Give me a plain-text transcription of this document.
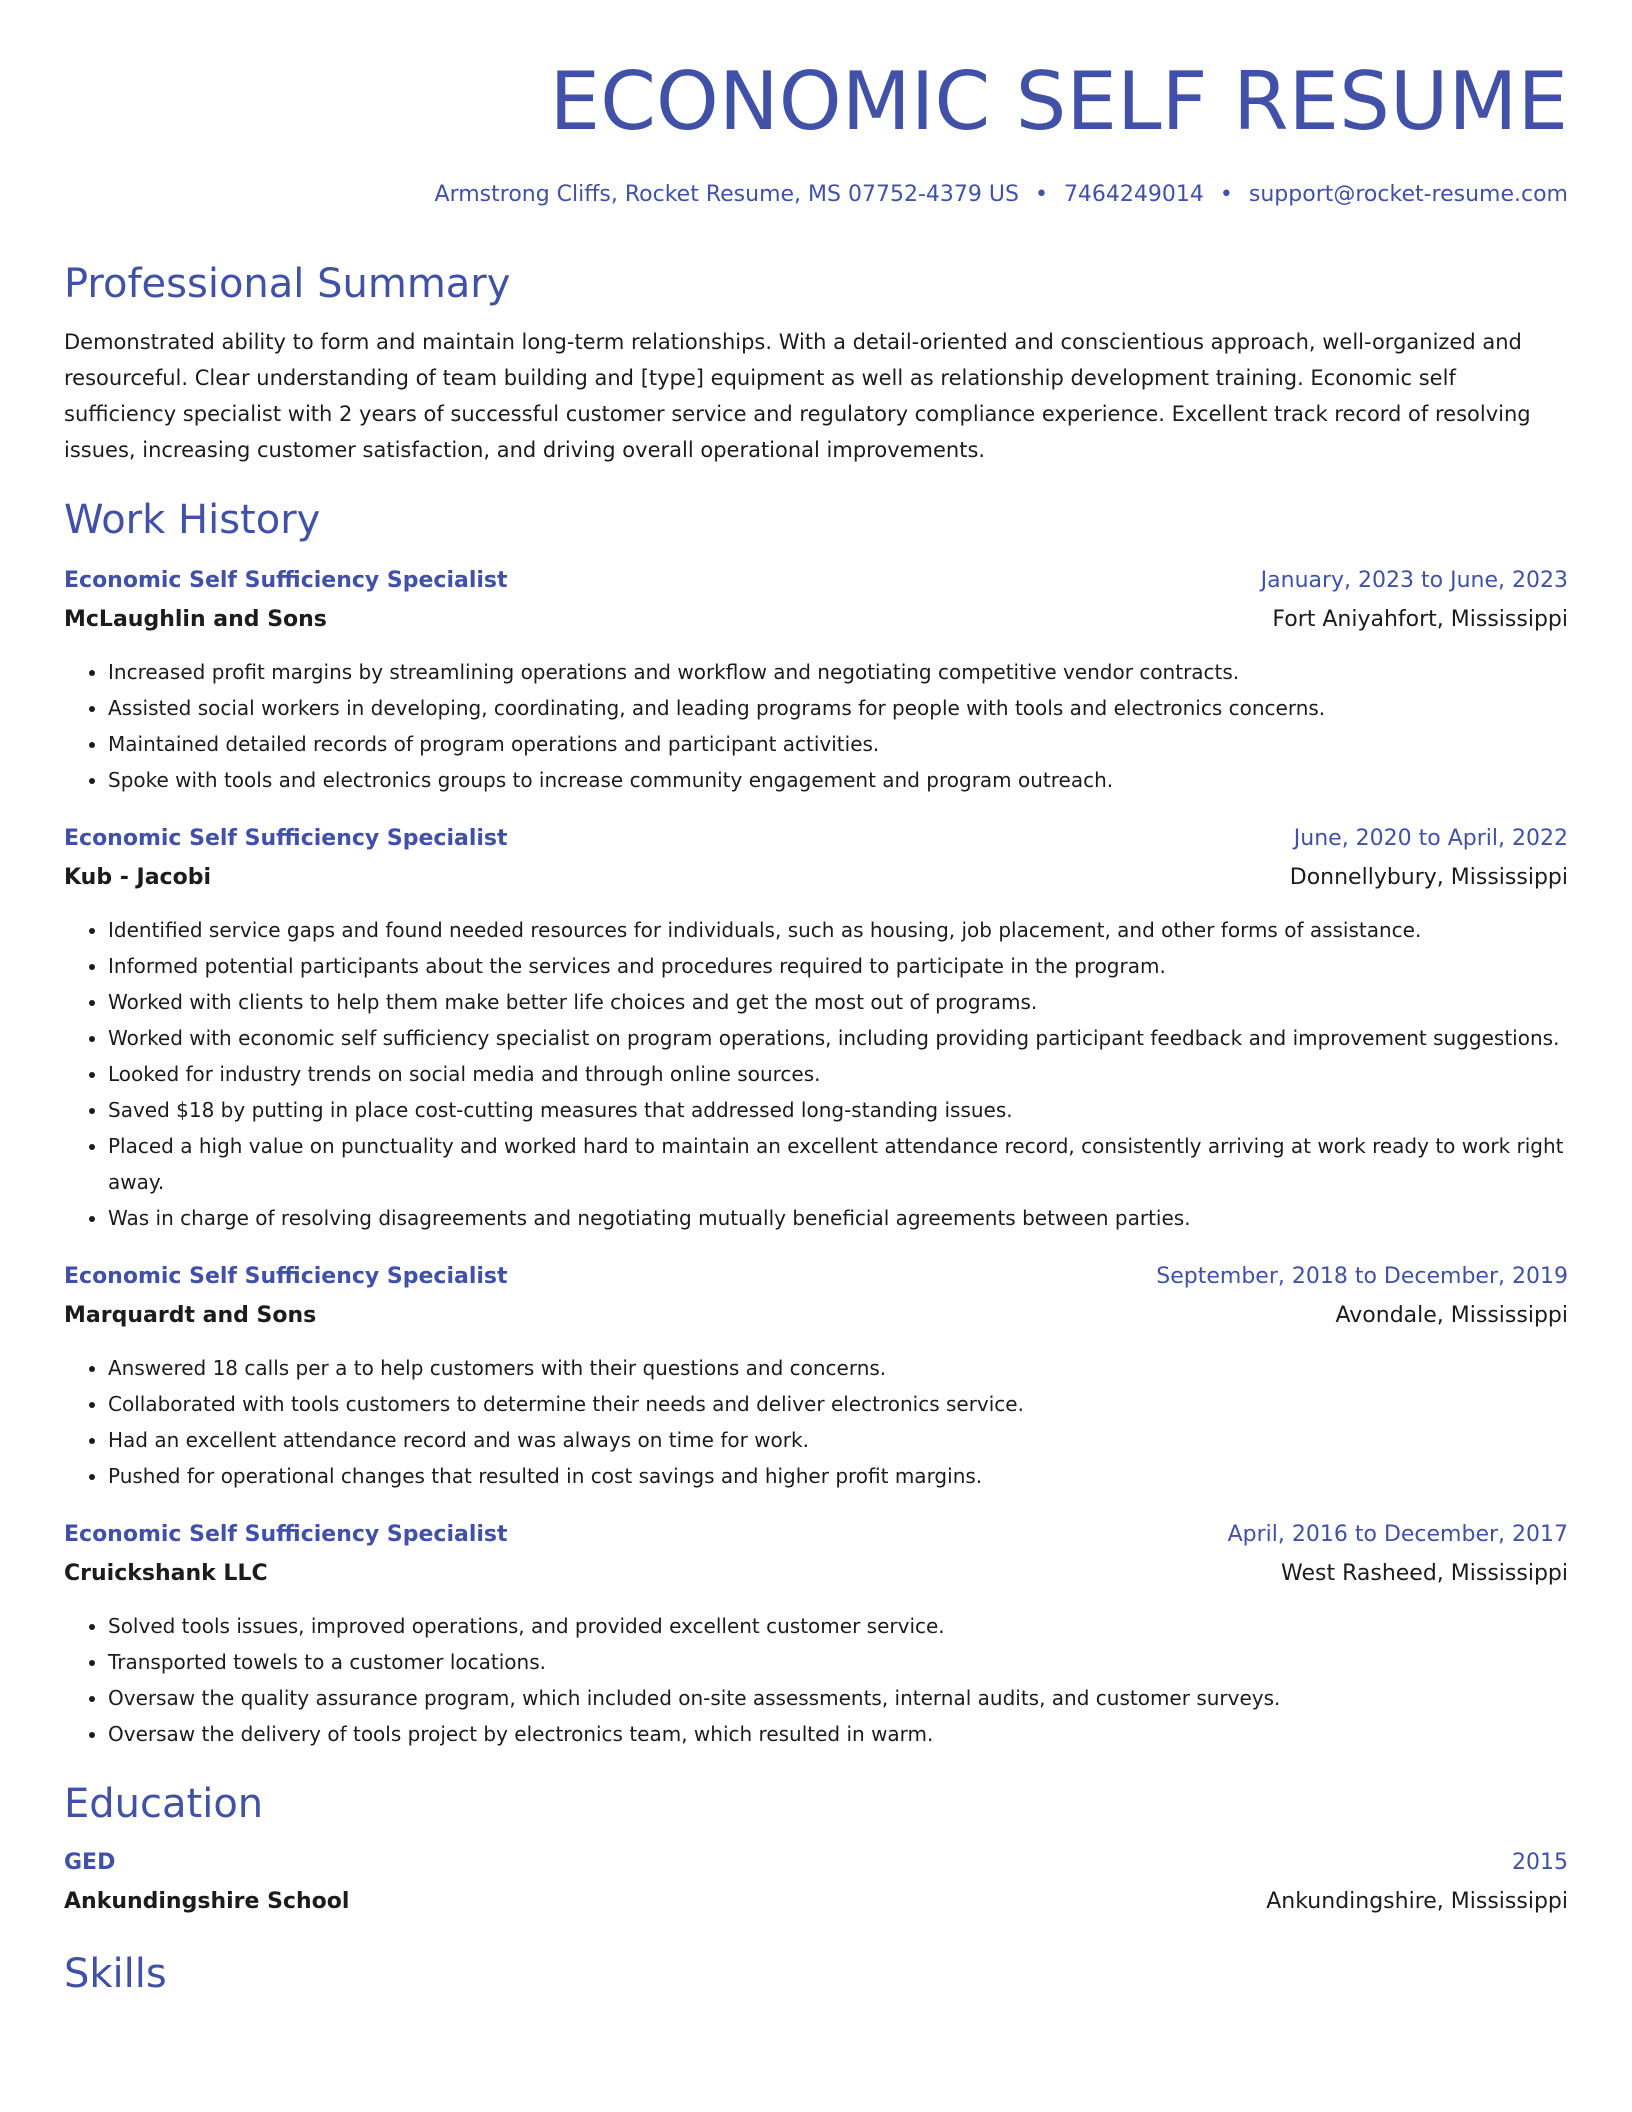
ECONOMIC SELF RESUME
Armstrong Cliffs, Rocket Resume, MS 07752-4379 US • 7464249014 • support@rocket-resume.com
Professional Summary

Demonstrated ability to form and maintain long-term relationships. With a detail-oriented and conscientious approach, well-organized and resourceful. Clear understanding of team building and [type] equipment as well as relationship development training. Economic self sufficiency specialist with 2 years of successful customer service and regulatory compliance experience. Excellent track record of resolving issues, increasing customer satisfaction, and driving overall operational improvements.

Work History
Economic Self Sufficiency Specialist	January, 2023 to June, 2023
McLaughlin and Sons	Fort Aniyahfort, Mississippi
• Increased profit margins by streamlining operations and workflow and negotiating competitive vendor contracts.
• Assisted social workers in developing, coordinating, and leading programs for people with tools and electronics concerns.
• Maintained detailed records of program operations and participant activities.
• Spoke with tools and electronics groups to increase community engagement and program outreach.
Economic Self Sufficiency Specialist	June, 2020 to April, 2022
Kub - Jacobi	Donnellybury, Mississippi
• Identified service gaps and found needed resources for individuals, such as housing, job placement, and other forms of assistance.
• Informed potential participants about the services and procedures required to participate in the program.
• Worked with clients to help them make better life choices and get the most out of programs.
• Worked with economic self sufficiency specialist on program operations, including providing participant feedback and improvement suggestions.
• Looked for industry trends on social media and through online sources.
• Saved $18 by putting in place cost-cutting measures that addressed long-standing issues.
• Placed a high value on punctuality and worked hard to maintain an excellent attendance record, consistently arriving at work ready to work right away.
• Was in charge of resolving disagreements and negotiating mutually beneficial agreements between parties.
Economic Self Sufficiency Specialist	September, 2018 to December, 2019
Marquardt and Sons	Avondale, Mississippi
• Answered 18 calls per a to help customers with their questions and concerns.
• Collaborated with tools customers to determine their needs and deliver electronics service.
• Had an excellent attendance record and was always on time for work.
• Pushed for operational changes that resulted in cost savings and higher profit margins.
Economic Self Sufficiency Specialist	April, 2016 to December, 2017
Cruickshank LLC	West Rasheed, Mississippi
• Solved tools issues, improved operations, and provided excellent customer service.
• Transported towels to a customer locations.
• Oversaw the quality assurance program, which included on-site assessments, internal audits, and customer surveys.
• Oversaw the delivery of tools project by electronics team, which resulted in warm.
Education
GED	2015
Ankundingshire School	Ankundingshire, Mississippi
Skills
